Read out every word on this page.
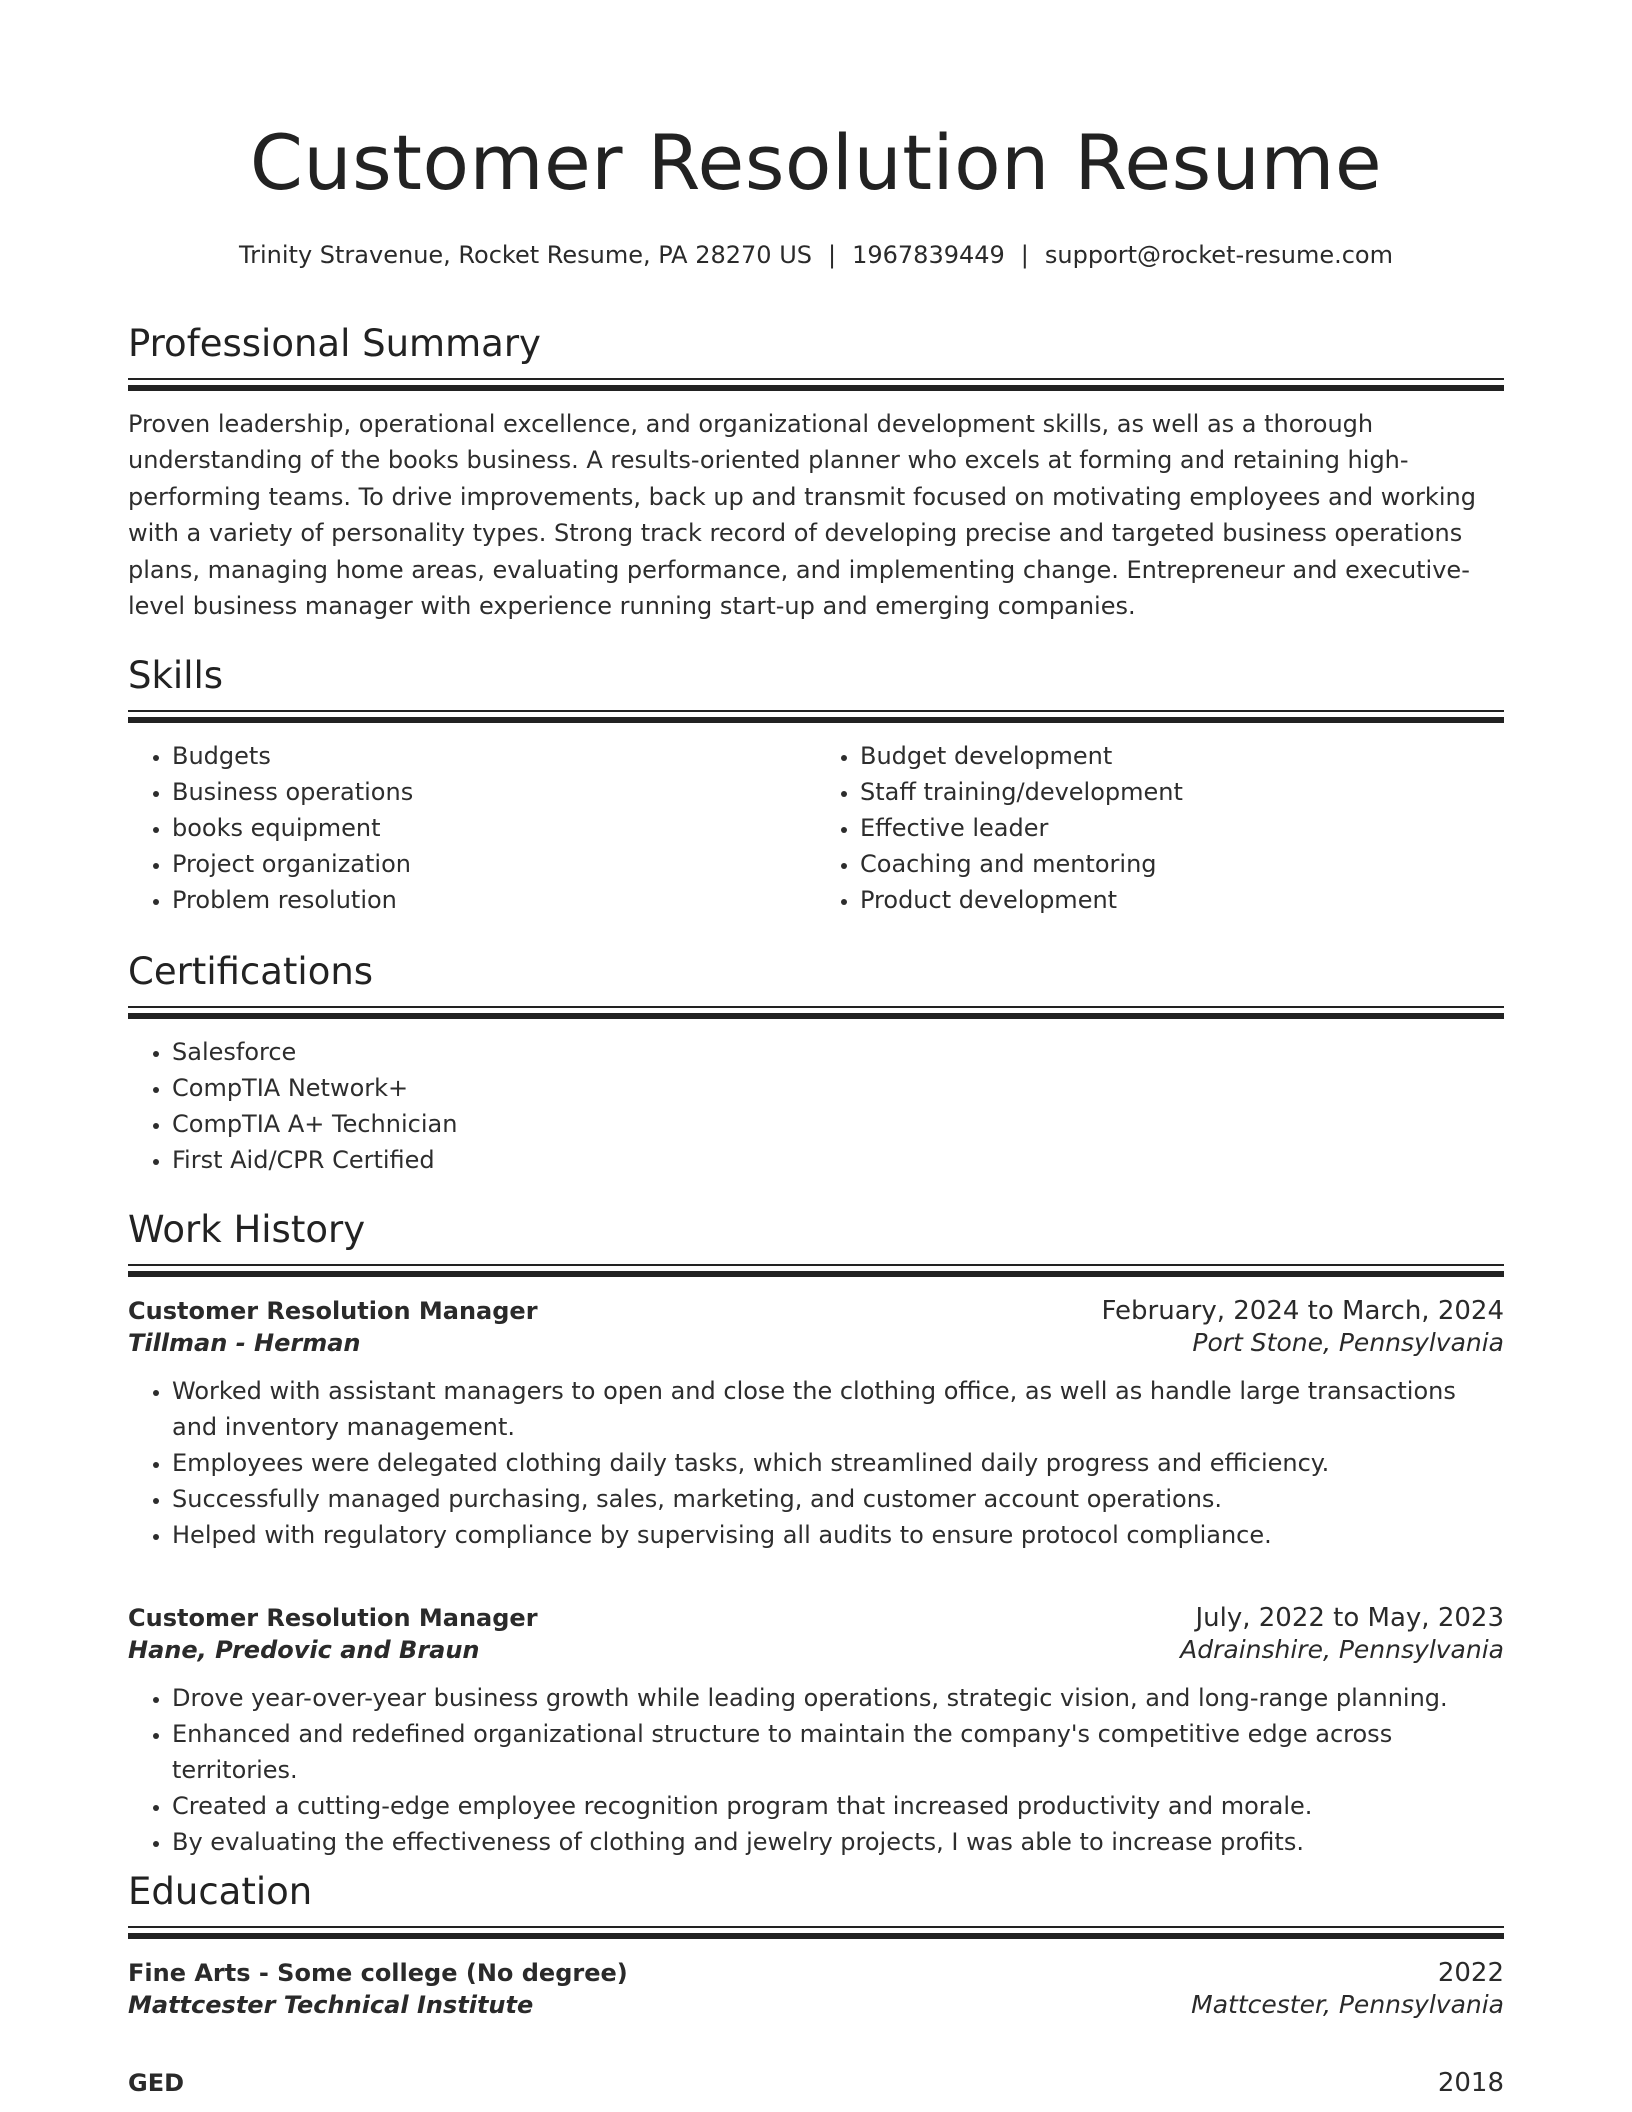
Customer Resolution Resume
Trinity Stravenue, Rocket Resume, PA 28270 US | 1967839449 | support@rocket-resume.com
Professional Summary

Proven leadership, operational excellence, and organizational development skills, as well as a thorough understanding of the books business. A results-oriented planner who excels at forming and retaining high-performing teams. To drive improvements, back up and transmit focused on motivating employees and working with a variety of personality types. Strong track record of developing precise and targeted business operations plans, managing home areas, evaluating performance, and implementing change. Entrepreneur and executive-level business manager with experience running start-up and emerging companies.

Skills
• Budgets
• Business operations
• books equipment
• Project organization
• Problem resolution
• Budget development
• Staff training/development
• Effective leader
• Coaching and mentoring
• Product development
Certifications
• Salesforce
• CompTIA Network+
• CompTIA A+ Technician
• First Aid/CPR Certified
Work History
Customer Resolution Manager	February, 2024 to March, 2024
Tillman - Herman	Port Stone, Pennsylvania
• Worked with assistant managers to open and close the clothing office, as well as handle large transactions and inventory management.
• Employees were delegated clothing daily tasks, which streamlined daily progress and efficiency.
• Successfully managed purchasing, sales, marketing, and customer account operations.
• Helped with regulatory compliance by supervising all audits to ensure protocol compliance.
Customer Resolution Manager	July, 2022 to May, 2023
Hane, Predovic and Braun	Adrainshire, Pennsylvania
• Drove year-over-year business growth while leading operations, strategic vision, and long-range planning.
• Enhanced and redefined organizational structure to maintain the company's competitive edge across territories.
• Created a cutting-edge employee recognition program that increased productivity and morale.
• By evaluating the effectiveness of clothing and jewelry projects, I was able to increase profits.
Education
Fine Arts - Some college (No degree)	2022
Mattcester Technical Institute	Mattcester, Pennsylvania
GED	2018
